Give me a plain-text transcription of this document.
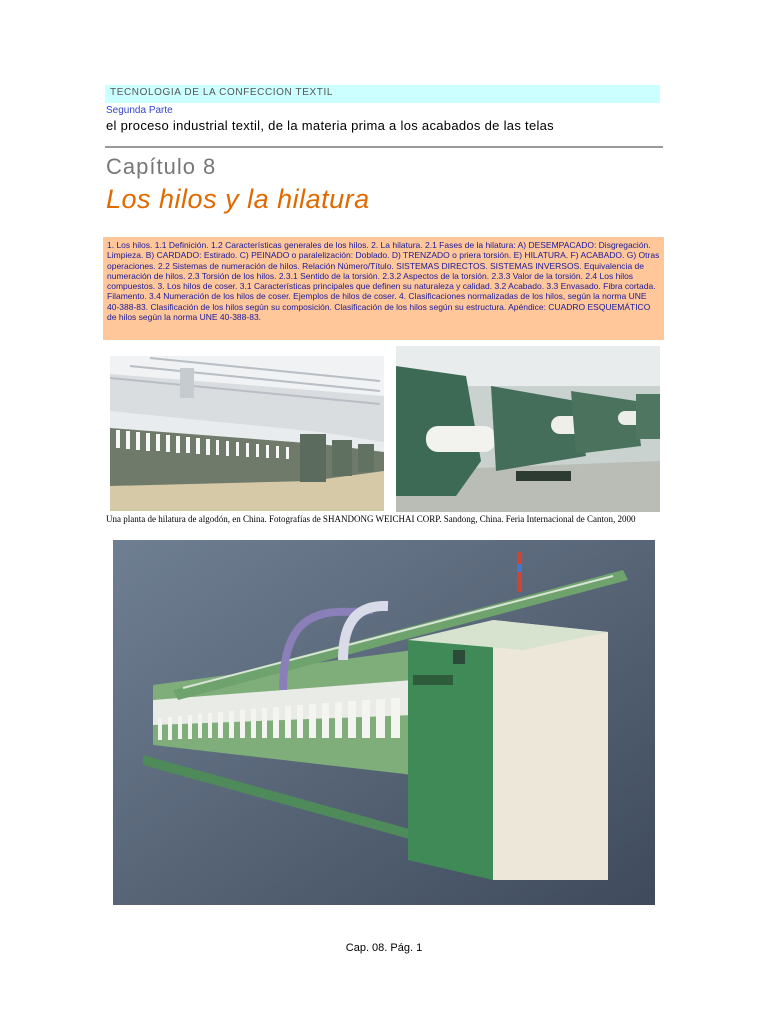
TECNOLOGIA DE LA CONFECCION TEXTIL
Segunda Parte
el proceso industrial textil, de la materia prima a los acabados de las telas
Capítulo 8
Los hilos y la hilatura
1. Los hilos. 1.1 Definición. 1.2 Características generales de los hilos. 2. La hilatura. 2.1 Fases de la hilatura: A) DESEMPACADO: Disgregación. Limpieza. B) CARDADO: Estirado. C) PEINADO o paralelización: Doblado. D) TRENZADO o priera torsión. E) HILATURA. F) ACABADO. G) Otras operaciones. 2.2 Sistemas de numeración de hilos. Relación Número/Título. SISTEMAS DIRECTOS. SISTEMAS INVERSOS. Equivalencia de numeración de hilos. 2.3 Torsión de los hilos. 2.3.1 Sentido de la torsión. 2.3.2 Aspectos de la torsión. 2.3.3 Valor de la torsión. 2.4 Los hilos compuestos. 3. Los hilos de coser. 3.1 Características principales que definen su naturaleza y calidad. 3.2 Acabado. 3.3 Envasado. Fibra cortada. Filamento. 3.4 Numeración de los hilos de coser. Ejemplos de hilos de coser. 4. Clasificaciones normalizadas de los hilos, según la norma UNE 40-388-83. Clasificación de los hilos según su composición. Clasificación de los hilos según su estructura. Apéndice: CUADRO ESQUEMÁTICO de hilos según la norma UNE 40-388-83.
Una planta de hilatura de algodón, en China. Fotografías de SHANDONG WEICHAI CORP. Sandong, China. Feria Internacional de Canton, 2000
Cap. 08. Pág. 1
